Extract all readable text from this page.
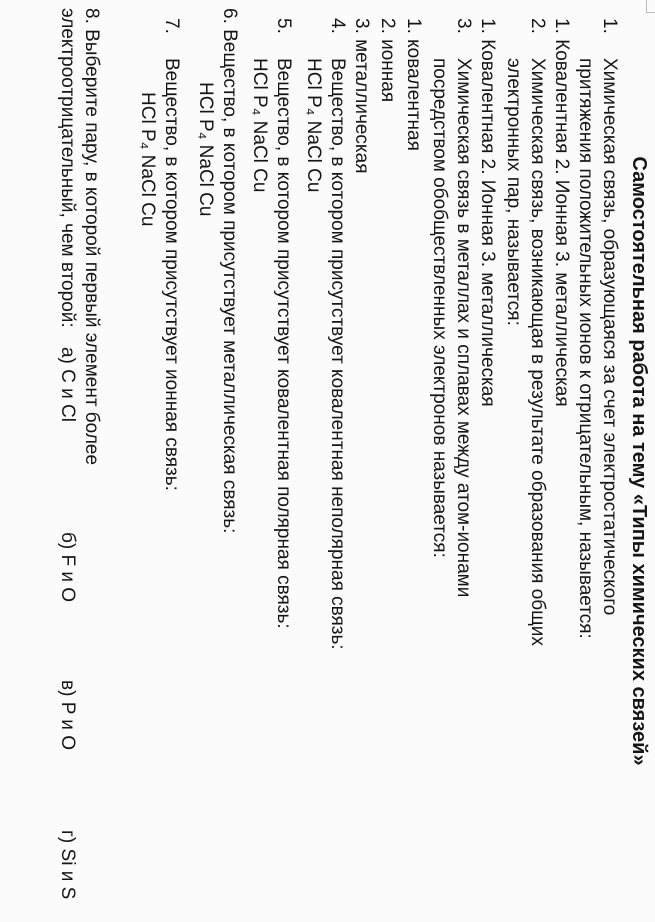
Самостоятельная работа на тему «Типы химических связей»
1.
Химическая связь, образующаяся за счет электростатического
притяжения положительных ионов к отрицательным, называется:
1. Ковалентная 2. Ионная 3. металлическая
2.
Химическая связь, возникающая в результате образования общих
электронных пар, называется:
1. Ковалентная 2. Ионная 3. металлическая
3.
Химическая связь в металлах и сплавах между атом-ионами
посредством обобществленных электронов называется:
1. ковалентная
2. ионная
3. металлическая
4.
Вещество, в котором присутствует ковалентная неполярная связь:
HCl P₄ NaCl Cu
5.
Вещество, в котором присутствует ковалентная полярная связь:
HCl P₄ NaCl Cu
6. Вещество, в котором присутствует металлическая связь:
HCl P₄ NaCl Cu
7.
Вещество, в котором присутствует ионная связь:
HCl P₄ NaCl Cu
8. Выберите пару, в которой первый элемент более
электроотрицательный, чем второй: а) C и Cl
б) F и O
в) P и O
г) Si и S
